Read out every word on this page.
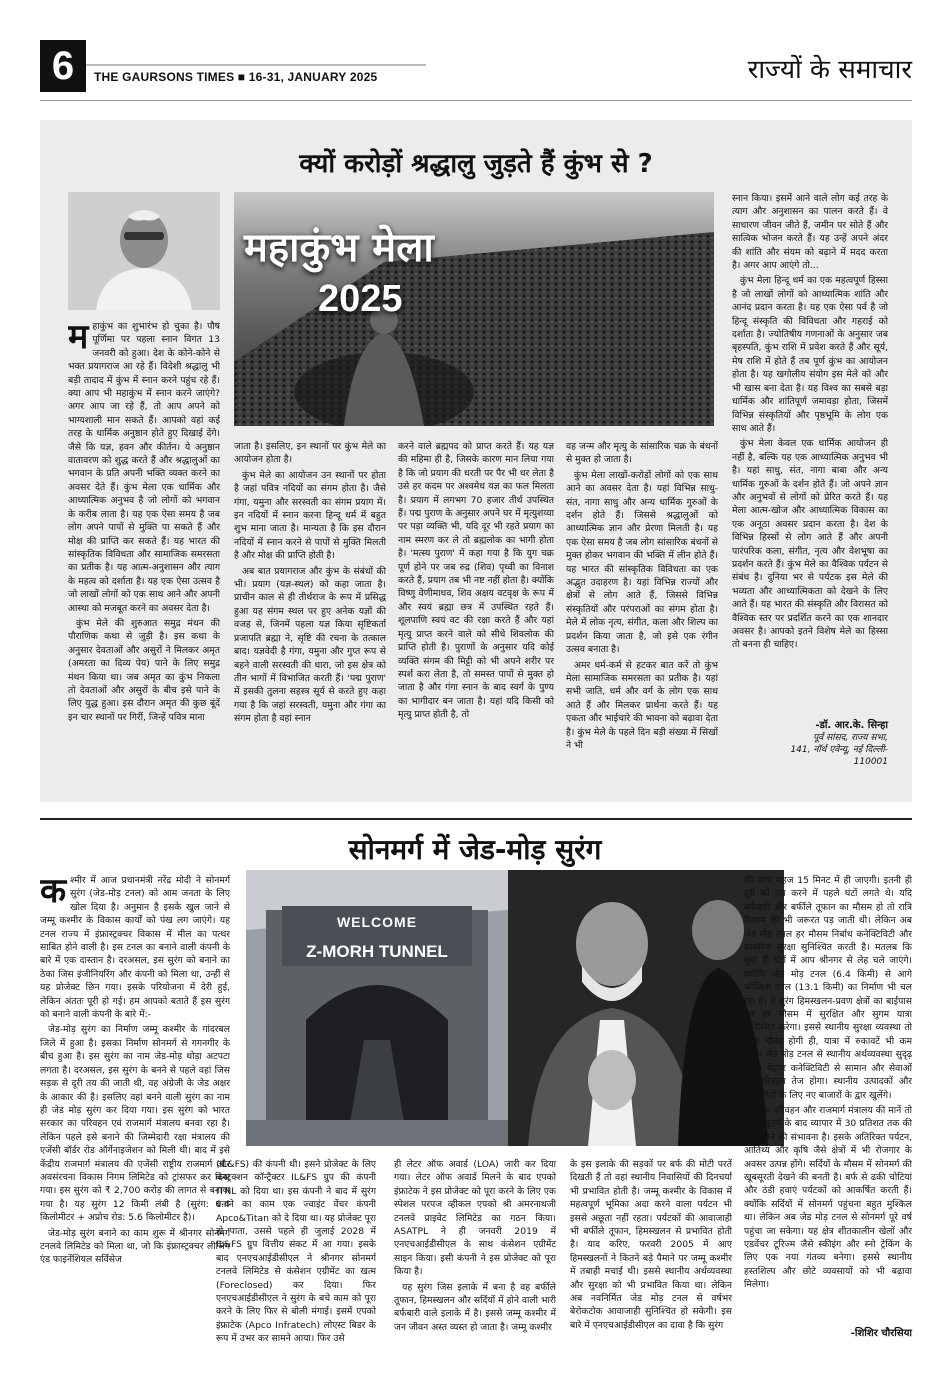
6	THE GAURSONS TIMES ■ 16-31, JANUARY 2025	राज्यों के समाचार
क्यों करोड़ों श्रद्धालु जुड़ते हैं कुंभ से ?
महाकुंभ मेला
2025
म हाकुंभ का शुभारंभ हो चुका है। पौष पूर्णिमा पर पहला स्नान विगत 13 जनवरी को हुआ। देश के कोने-कोने से भक्त प्रयागराज आ रहे हैं। विदेशी श्रद्धालु भी बड़ी तादाद में कुंभ में स्नान करने पहुंच रहे हैं। क्या आप भी महाकुंभ में स्नान करने जाएंगे? अगर आप जा रहे हैं, तो आप अपने को भाग्यशाली मान सकते हैं। आपको वहां कई तरह के धार्मिक अनुष्ठान होते हुए दिखाई देंगे। जैसे कि यज्ञ, हवन और कीर्तन। ये अनुष्ठान वातावरण को शुद्ध करते हैं और श्रद्धालुओं का भगवान के प्रति अपनी भक्ति व्यक्त करने का अवसर देते हैं। कुंभ मेला एक धार्मिक और आध्यात्मिक अनुभव है जो लोगों को भगवान के करीब लाता है। यह एक ऐसा समय है जब लोग अपने पापों से मुक्ति पा सकते हैं और मोक्ष की प्राप्ति कर सकते हैं। यह भारत की सांस्कृतिक विविधता और सामाजिक समरसता का प्रतीक है। यह आत्म-अनुशासन और त्याग के महत्व को दर्शाता है। यह एक ऐसा उत्सव है जो लाखों लोगों को एक साथ आने और अपनी आस्था को मजबूत करने का अवसर देता है।

कुंभ मेले की शुरुआत समुद्र मंथन की पौराणिक कथा से जुड़ी है। इस कथा के अनुसार देवताओं और असुरों ने मिलकर अमृत (अमरता का दिव्य पेय) पाने के लिए समुद्र मंथन किया था। जब अमृत का कुंभ निकला तो देवताओं और असुरों के बीच इसे पाने के लिए युद्ध हुआ। इस दौरान अमृत की कुछ बूंदें इन चार स्थानों पर गिरीं, जिन्हें पवित्र माना

जाता है। इसलिए, इन स्थानों पर कुंभ मेले का आयोजन होता है।

कुंभ मेले का आयोजन उन स्थानों पर होता है जहां पवित्र नदियों का संगम होता है। जैसे गंगा, यमुना और सरस्वती का संगम प्रयाग में। इन नदियों में स्नान करना हिन्दू धर्म में बहुत शुभ माना जाता है। मान्यता है कि इस दौरान नदियों में स्नान करने से पापों से मुक्ति मिलती है और मोक्ष की प्राप्ति होती है।

अब बात प्रयागराज और कुंभ के संबंधों की भी। प्रयाग (यज्ञ-स्थल) को कहा जाता है। प्राचीन काल से ही तीर्थराज के रूप में प्रसिद्ध हुआ यह संगम स्थल पर हुए अनेक यज्ञों की वजह से, जिनमें पहला यज्ञ किया सृष्टिकर्ता प्रजापति ब्रह्मा ने, सृष्टि की रचना के तत्काल बाद। यज्ञवेदी है गंगा, यमुना और गुप्त रूप से बहने वाली सरस्वती की धारा, जो इस क्षेत्र को तीन भागों में विभाजित करती हैं। 'पद्म पुराण' में इसकी तुलना सहस्त्र सूर्य से करते हुए कहा गया है कि जहां सरस्वती, यमुना और गंगा का संगम होता है वहां स्नान

करने वाले ब्रह्मपद को प्राप्त करते हैं। यह यज्ञ की महिमा ही है, जिसके कारण मान लिया गया है कि जो प्रयाग की धरती पर पैर भी धर लेता है उसे हर कदम पर अश्वमेध यज्ञ का फल मिलता है। प्रयाग में लगभग 70 हजार तीर्थ उपस्थित हैं। पद्म पुराण के अनुसार अपने घर में मृत्युशय्या पर पड़ा व्यक्ति भी, यदि दूर भी रहते प्रयाग का नाम स्मरण कर ले तो ब्रह्मलोक का भागी होता है। 'मत्स्य पुराण' में कहा गया है कि युग चक्र पूर्ण होने पर जब रुद्र (शिव) पृथ्वी का विनाश करते हैं, प्रयाग तब भी नष्ट नहीं होता है। क्योंकि विष्णु वेणीमाधव, शिव अक्षय वटवृक्ष के रूप में और स्वयं ब्रह्मा छत्र में उपस्थित रहते हैं। शूलपाणि स्वयं वट की रक्षा करते हैं और यहां मृत्यु प्राप्त करने वाले को सीधे शिवलोक की प्राप्ति होती है। पुराणों के अनुसार यदि कोई व्यक्ति संगम की मिट्टी को भी अपने शरीर पर स्पर्श करा लेता है, तो समस्त पापों से मुक्त हो जाता है और गंगा स्नान के बाद स्वर्ग के पुण्य का भागीदार बन जाता है। यहां यदि किसी को मृत्यु प्राप्त होती है, तो

वह जन्म और मृत्यु के सांसारिक चक्र के बंधनों से मुक्त हो जाता है।

कुंभ मेला लाखों-करोड़ों लोगों को एक साथ आने का अवसर देता है। यहां विभिन्न साधु-संत, नागा साधु और अन्य धार्मिक गुरुओं के दर्शन होते हैं। जिससे श्रद्धालुओं को आध्यात्मिक ज्ञान और प्रेरणा मिलती है। यह एक ऐसा समय है जब लोग सांसारिक बंधनों से मुक्त होकर भगवान की भक्ति में लीन होते हैं। यह भारत की सांस्कृतिक विविधता का एक अद्भुत उदाहरण है। यहां विभिन्न राज्यों और क्षेत्रों से लोग आते हैं, जिससे विभिन्न संस्कृतियों और परंपराओं का संगम होता है। मेले में लोक नृत्य, संगीत, कला और शिल्प का प्रदर्शन किया जाता है, जो इसे एक रंगीन उत्सव बनाता है।

अमर धर्म-कर्म से हटकर बात करें तो कुंभ मेला सामाजिक समरसता का प्रतीक है। यहां सभी जाति, धर्म और वर्ग के लोग एक साथ आते हैं और मिलकर प्रार्थना करते हैं। यह एकता और भाईचारे की भावना को बढ़ावा देता है। कुंभ मेले के पहले दिन बड़ी संख्या में सिखों ने भी

स्नान किया। इसमें आने वाले लोग कई तरह के त्याग और अनुशासन का पालन करते हैं। वे साधारण जीवन जीते हैं, जमीन पर सोते हैं और सात्विक भोजन करते हैं। यह उन्हें अपने अंदर की शांति और संयम को बढ़ाने में मदद करता है। अगर आप आएंगे तो...

कुंभ मेला हिन्दू धर्म का एक महत्वपूर्ण हिस्सा है जो लाखों लोगों को आध्यात्मिक शांति और आनंद प्रदान करता है। यह एक ऐसा पर्व है जो हिन्दू संस्कृति की विविधता और गहराई को दर्शाता है। ज्योतिषीय गणनाओं के अनुसार जब बृहस्पति, कुंभ राशि में प्रवेश करते हैं और सूर्य, मेष राशि में होते हैं तब पूर्ण कुंभ का आयोजन होता है। यह खगोलीय संयोग इस मेले को और भी खास बना देता है। यह विश्व का सबसे बड़ा धार्मिक और शांतिपूर्ण जमावड़ा होता, जिसमें विभिन्न संस्कृतियों और पृष्ठभूमि के लोग एक साथ आते हैं।

कुंभ मेला केवल एक धार्मिक आयोजन ही नहीं है, बल्कि यह एक आध्यात्मिक अनुभव भी है। यहां साधु, संत, नागा बाबा और अन्य धार्मिक गुरुओं के दर्शन होते हैं। जो अपने ज्ञान और अनुभवों से लोगों को प्रेरित करते हैं। यह मेला आत्म-खोज और आध्यात्मिक विकास का एक अनूठा अवसर प्रदान करता है। देश के विभिन्न हिस्सों से लोग आते हैं और अपनी पारंपरिक कला, संगीत, नृत्य और वेशभूषा का प्रदर्शन करते हैं। कुंभ मेले का वैश्विक पर्यटन से संबंध है। दुनिया भर से पर्यटक इस मेले की भव्यता और आध्यात्मिकता को देखने के लिए आते हैं। यह भारत की संस्कृति और विरासत को वैश्विक स्तर पर प्रदर्शित करने का एक शानदार अवसर है। आपको इतने विशेष मेले का हिस्सा तो बनना ही चाहिए।

-डॉ. आर.के. सिन्हा
पूर्व सांसद, राज्य सभा,
141, नॉर्थ एवेन्यू, नई दिल्ली-
110001
सोनमर्ग में जेड-मोड़ सुरंग
क श्मीर में आज प्रधानमंत्री नरेंद्र मोदी ने सोनमर्ग सुरंग (जेड-मोड़ टनल) को आम जनता के लिए खोल दिया है। अनुमान है इसके खुल जाने से जम्मू कश्मीर के विकास कार्यों को पंख लग जाएंगे। यह टनल राज्य में इंफ्रास्ट्रक्चर विकास में मील का पत्थर साबित होने वाली है। इस टनल का बनाने वाली कंपनी के बारे में एक दास्तान है। दरअसल, इस सुरंग को बनाने का ठेका जिस इंजीनियरिंग और कंपनी को मिला था, उन्हीं से यह प्रोजेक्ट छिन गया। इसके परियोजना में देरी हुई, लेकिन अंततः पूरी हो गई। हम आपको बताते हैं इस सुरंग को बनाने वाली कंपनी के बारे में:-

जेड-मोड़ सुरंग का निर्माण जम्मू कश्मीर के गांदरबल जिले में हुआ है। इसका निर्माण सोनमर्ग से गगनगीर के बीच हुआ है। इस सुरंग का नाम जेड-मोड़ थोड़ा अटपटा लगता है। दरअसल, इस सुरंग के बनने से पहले वहां जिस सड़क से दूरी तय की जाती थी, वह अंग्रेजी के जेड अक्षर के आकार की है। इसलिए वहां बनने वाली सुरंग का नाम ही जेड मोड़ सुरंग कर दिया गया। इस सुरंग को भारत सरकार का परिवहन एवं राजमार्ग मंत्रालय बनवा रहा है। लेकिन पहले इसे बनाने की जिम्मेदारी रक्षा मंत्रालय की एजेंसी बॉर्डर रोड ऑर्गेनाइजेशन को मिली थी। बाद में इसे केंद्रीय राजमार्ग मंत्रालय की एजेंसी राष्ट्रीय राजमार्ग और अवसंरचना विकास निगम लिमिटेड को ट्रांसफर कर दिया गया। इस सुरंग को ₹ 2,700 करोड़ की लागत से बनाया गया है। यह सुरंग 12 किमी लंबी है (सुरंग: 6.4 किलोमीटर + अप्रोच रोड: 5.6 किलोमीटर है)।

जेड-मोड़ सुरंग बनाने का काम शुरू में श्रीनगर सोनमर्ग टनलवे लिमिटेड को मिला था, जो कि इंफ्रास्ट्रक्चर लीजिंग एंड फाइनेंशियल सर्विसेज

WELCOME
Z-MORH TUNNEL

(IL&FS) की कंपनी थी। इसने प्रोजेक्ट के लिए कंस्ट्रक्शन कॉन्ट्रैक्टर IL&FS ग्रुप की कंपनी ITNL को दिया था। इस कंपनी ने बाद में सुरंग बनाने का काम एक ज्वाइंट वेंचर कंपनी Apco&Titan को दे दिया था। यह प्रोजेक्ट पूरा हो पाता, उससे पहले ही जुलाई 2028 में IL&FS ग्रुप वित्तीय संकट में आ गया। इसके बाद एनएचआईडीसीएल ने श्रीनगर सोनमर्ग टनलवे लिमिटेड से कंसेशन एग्रीमेंट का खत्म (Foreclosed) कर दिया। फिर एनएचआईडीसीएल ने सुरंग के बचे काम को पूरा करने के लिए फिर से बोली मंगाई। इसमें एपको इंफ्राटेक (Apco Infratech) लोएस्ट बिडर के रूप में उभर कर सामने आया। फिर उसे

ही लेटर ऑफ अवार्ड (LOA) जारी कर दिया गया। लेटर ऑफ अवार्ड मिलने के बाद एपको इंफ्राटेक ने इस प्रोजेक्ट को पूरा करने के लिए एक स्पेशल परपज व्हीकल एपको श्री अमरनाथजी टनलवे प्राइवेट लिमिटेड का गठन किया। ASATPL ने ही जनवरी 2019 में एनएचआईडीसीएल के साथ कंसेशन एग्रीमेंट साइन किया। इसी कंपनी ने इस प्रोजेक्ट को पूरा किया है।

यह सुरंग जिस इलाके में बना है वह बर्फीले तूफान, हिमस्खलन और सर्दियों में होने वाली भारी बर्फबारी वाले इलाके में है। इससे जम्मू कश्मीर में जन जीवन अस्त व्यस्त हो जाता है। जम्मू कश्मीर

के इस इलाके की सड़कों पर बर्फ की मोटी परतें दिखती हैं तो वहां स्थानीय निवासियों की दिनचर्या भी प्रभावित होती है। जम्मू कश्मीर के विकास में महत्वपूर्ण भूमिका अदा करने वाला पर्यटन भी इससे अछूता नहीं रहता। पर्यटकों की आवाजाही भी बर्फीले तूफान, हिमस्खलन से प्रभावित होती है। याद करिए, फरवरी 2005 में आए हिमस्खलनों ने कितने बड़े पैमाने पर जम्मू कश्मीर में तबाही मचाई थी। इससे स्थानीय अर्थव्यवस्था और सुरक्षा को भी प्रभावित किया था। लेकिन अब नवनिर्मित जेड मोड़ टनल से वर्षभर बेरोकटोक आवाजाही सुनिश्चित हो सकेगी। इस बारे में एनएचआईडीसीएल का दावा है कि सुरंग

की यात्रा महज 15 मिनट में ही जाएगी। इतनी ही दूरी को तय करने में पहले घंटों लगते थे। यदि बर्फबारी और बर्फीले तूफान का मौसम हो तो रात्रि विश्राम की भी जरूरत पड़ जाती थी। लेकिन अब जेड मोड़ टनल हर मौसम निर्बाध कनेक्टिविटी और सामरिक सुरक्षा सुनिश्चित करती है। मतलब कि कुछ ही घंटों में आप श्रीनगर से लेह चले जाएंगे। क्योंकि जेड मोड़ टनल (6.4 किमी) से आगे जोजिला टनल (13.1 किमी) का निर्माण भी चल रहा है। ये सुरंग हिमस्खलन-प्रवण क्षेत्रों का बाईपास कर हर मौसम में सुरक्षित और सुगम यात्रा सुनिश्चित करेगा। इससे स्थानीय सुरक्षा व्यवस्था तो चाक चौबंद होगी ही, यात्रा में रुकावटें भी कम होंगी। जेड मोड़ टनल से स्थानीय अर्थव्यवस्था सुदृढ़ होगी। बेहतर कनेक्टिविटी से सामान और सेवाओं का परिवहन तेज होगा। स्थानीय उत्पादकों और व्यापारियों के लिए नए बाजारों के द्वार खुलेंगे।

सड़क परिवहन और राजमार्ग मंत्रालय की मानें तो सुरंग खुलने के बाद व्यापार में 30 प्रतिशत तक की वृद्धि होने की संभावना है। इसके अतिरिक्त पर्यटन, आतिथ्य और कृषि जैसे क्षेत्रों में भी रोजगार के अवसर उत्पन्न होंगे। सर्दियों के मौसम में सोनमर्ग की खूबसूरती देखने की बनती है। बर्फ से ढकी चोटियां और ठंडी हवाएं पर्यटकों को आकर्षित करती हैं। क्योंकि सर्दियों में सोनमर्ग पहुंचना बहुत मुश्किल था। लेकिन अब जेड मोड़ टनल से सोनमर्ग पूरे वर्ष पहुंचा जा सकेगा। यह क्षेत्र शीतकालीन खेलों और एडवेंचर टूरिज्म जैसे स्कीइंग और स्नो ट्रेकिंग के लिए एक नया गंतव्य बनेगा। इससे स्थानीय हस्तशिल्प और छोटे व्यवसायों को भी बढ़ावा मिलेगा।

-शिशिर चौरसिया
